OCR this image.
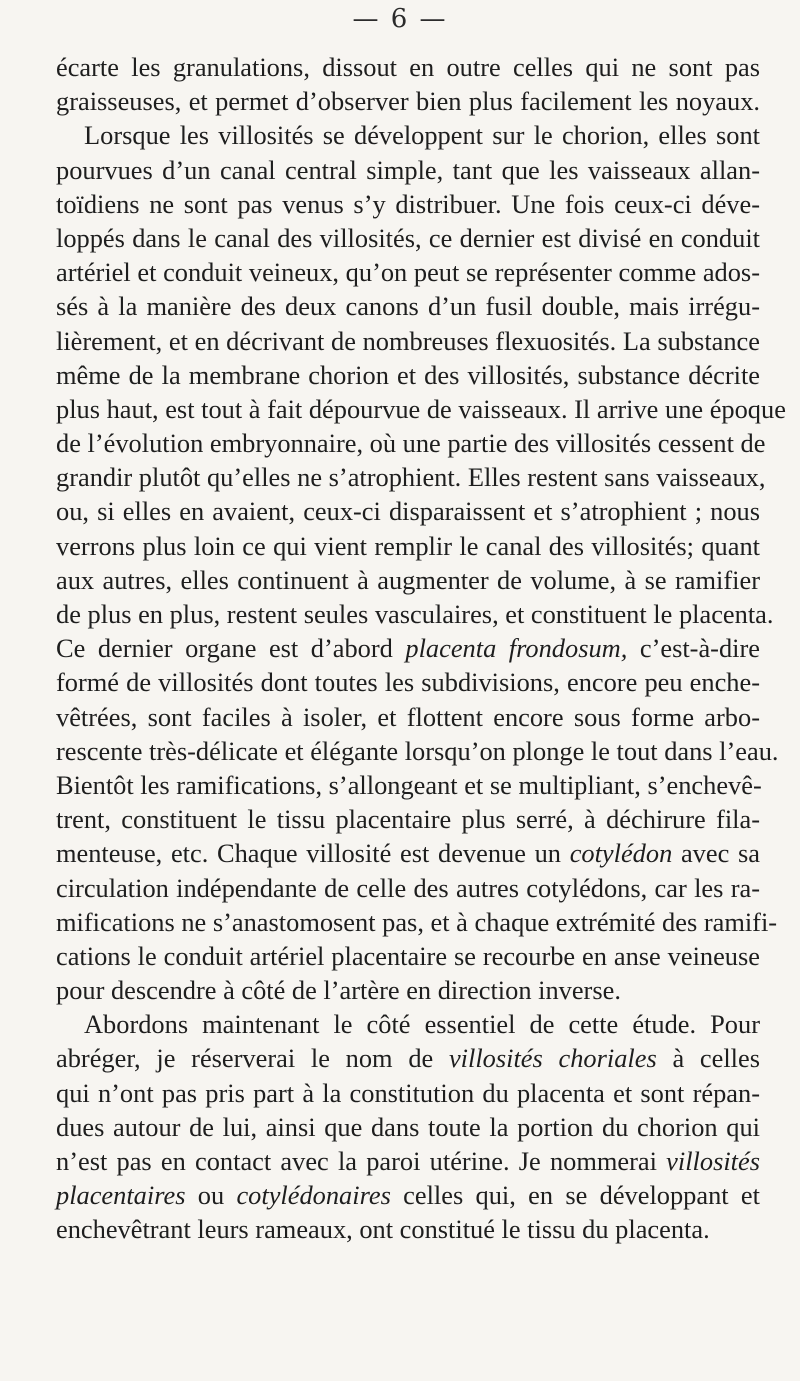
— 6 —
écarte les granulations, dissout en outre celles qui ne sont pas
graisseuses, et permet d’observer bien plus facilement les noyaux.
Lorsque les villosités se développent sur le chorion, elles sont
pourvues d’un canal central simple, tant que les vaisseaux allan-
toïdiens ne sont pas venus s’y distribuer. Une fois ceux-ci déve-
loppés dans le canal des villosités, ce dernier est divisé en conduit
artériel et conduit veineux, qu’on peut se représenter comme ados-
sés à la manière des deux canons d’un fusil double, mais irrégu-
lièrement, et en décrivant de nombreuses flexuosités. La substance
même de la membrane chorion et des villosités, substance décrite
plus haut, est tout à fait dépourvue de vaisseaux. Il arrive une époque
de l’évolution embryonnaire, où une partie des villosités cessent de
grandir plutôt qu’elles ne s’atrophient. Elles restent sans vaisseaux,
ou, si elles en avaient, ceux-ci disparaissent et s’atrophient ; nous
verrons plus loin ce qui vient remplir le canal des villosités; quant
aux autres, elles continuent à augmenter de volume, à se ramifier
de plus en plus, restent seules vasculaires, et constituent le placenta.
Ce dernier organe est d’abord placenta frondosum, c’est-à-dire
formé de villosités dont toutes les subdivisions, encore peu enche-
vêtrées, sont faciles à isoler, et flottent encore sous forme arbo-
rescente très-délicate et élégante lorsqu’on plonge le tout dans l’eau.
Bientôt les ramifications, s’allongeant et se multipliant, s’enchevê-
trent, constituent le tissu placentaire plus serré, à déchirure fila-
menteuse, etc. Chaque villosité est devenue un cotylédon avec sa
circulation indépendante de celle des autres cotylédons, car les ra-
mifications ne s’anastomosent pas, et à chaque extrémité des ramifi-
cations le conduit artériel placentaire se recourbe en anse veineuse
pour descendre à côté de l’artère en direction inverse.
Abordons maintenant le côté essentiel de cette étude. Pour
abréger, je réserverai le nom de villosités choriales à celles
qui n’ont pas pris part à la constitution du placenta et sont répan-
dues autour de lui, ainsi que dans toute la portion du chorion qui
n’est pas en contact avec la paroi utérine. Je nommerai villosités
placentaires ou cotylédonaires celles qui, en se développant et
enchevêtrant leurs rameaux, ont constitué le tissu du placenta.
